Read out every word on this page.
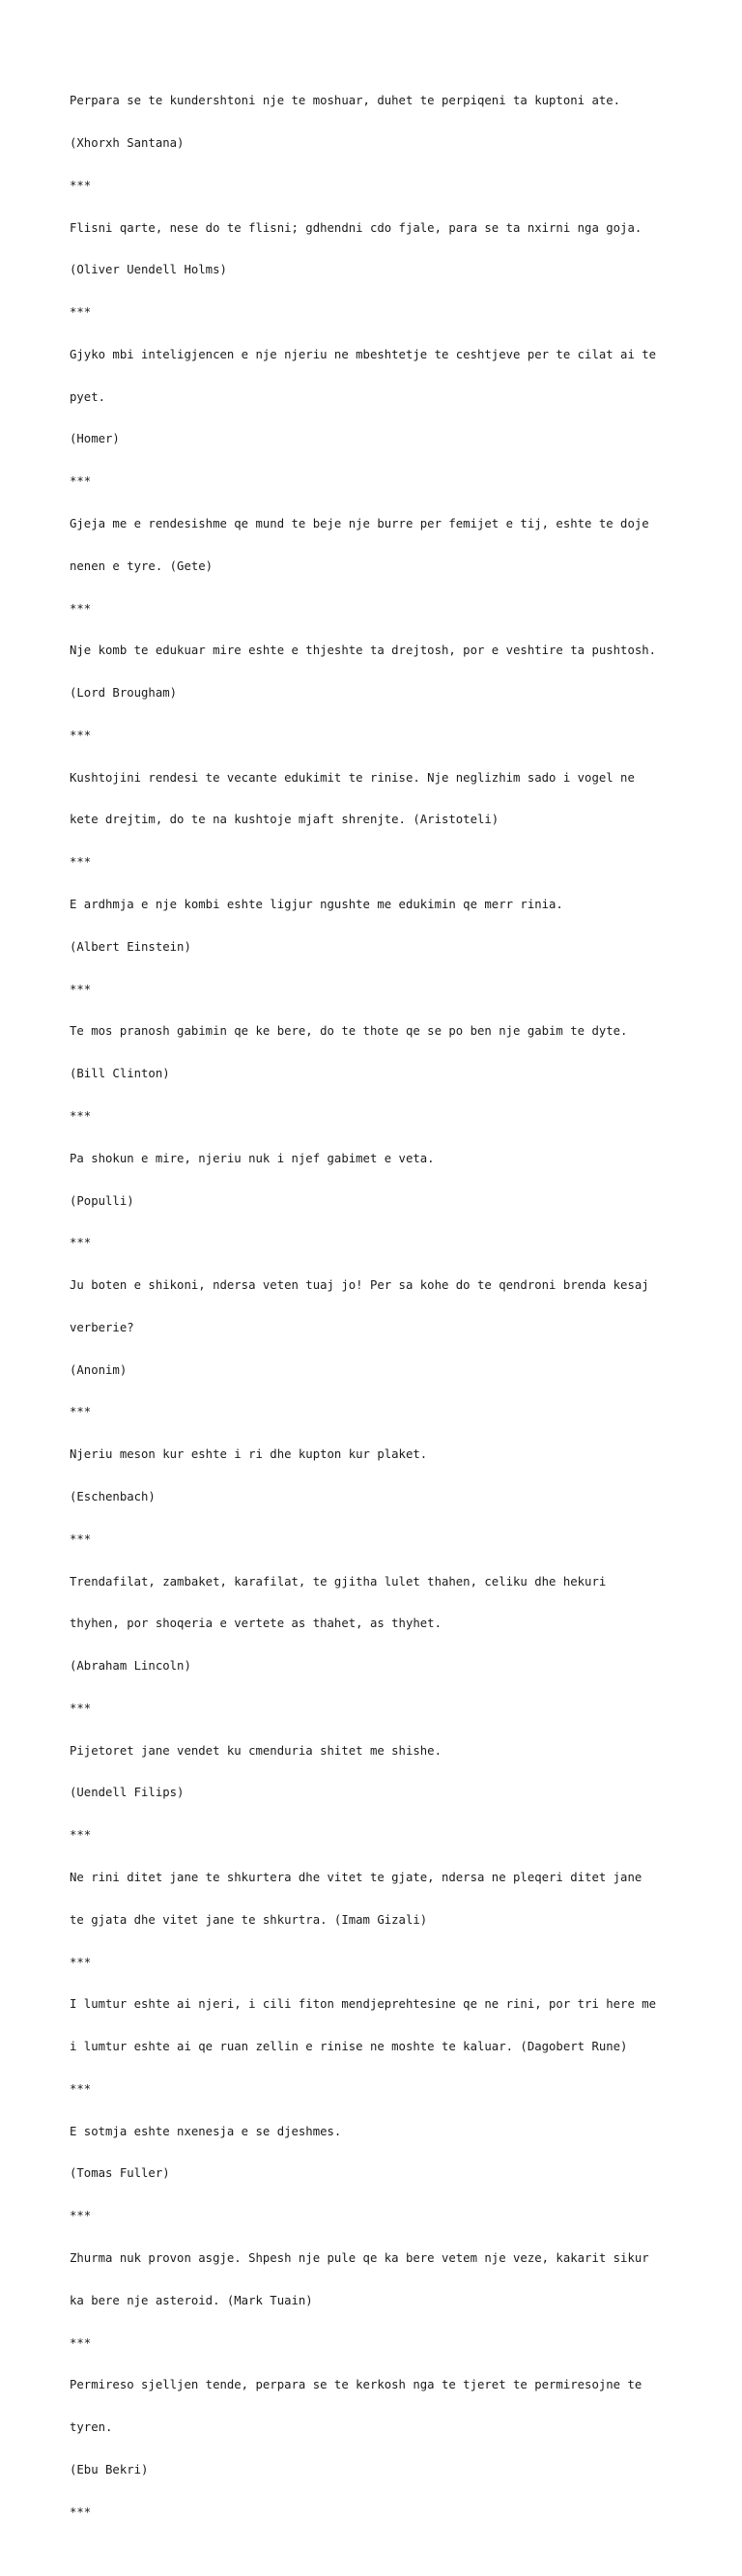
Perpara se te kundershtoni nje te moshuar, duhet te perpiqeni ta kuptoni ate.

(Xhorxh Santana)

***

Flisni qarte, nese do te flisni; gdhendni cdo fjale, para se ta nxirni nga goja.

(Oliver Uendell Holms)

***

Gjyko mbi inteligjencen e nje njeriu ne mbeshtetje te ceshtjeve per te cilat ai te

pyet.

(Homer)

***

Gjeja me e rendesishme qe mund te beje nje burre per femijet e tij, eshte te doje

nenen e tyre. (Gete)

***

Nje komb te edukuar mire eshte e thjeshte ta drejtosh, por e veshtire ta pushtosh.

(Lord Brougham)

***

Kushtojini rendesi te vecante edukimit te rinise. Nje neglizhim sado i vogel ne

kete drejtim, do te na kushtoje mjaft shrenjte. (Aristoteli)

***

E ardhmja e nje kombi eshte ligjur ngushte me edukimin qe merr rinia.

(Albert Einstein)

***

Te mos pranosh gabimin qe ke bere, do te thote qe se po ben nje gabim te dyte.

(Bill Clinton)

***

Pa shokun e mire, njeriu nuk i njef gabimet e veta.

(Populli)

***

Ju boten e shikoni, ndersa veten tuaj jo! Per sa kohe do te qendroni brenda kesaj

verberie?

(Anonim)

***

Njeriu meson kur eshte i ri dhe kupton kur plaket.

(Eschenbach)

***

Trendafilat, zambaket, karafilat, te gjitha lulet thahen, celiku dhe hekuri

thyhen, por shoqeria e vertete as thahet, as thyhet.

(Abraham Lincoln)

***

Pijetoret jane vendet ku cmenduria shitet me shishe.

(Uendell Filips)

***

Ne rini ditet jane te shkurtera dhe vitet te gjate, ndersa ne pleqeri ditet jane

te gjata dhe vitet jane te shkurtra. (Imam Gizali)

***

I lumtur eshte ai njeri, i cili fiton mendjeprehtesine qe ne rini, por tri here me

i lumtur eshte ai qe ruan zellin e rinise ne moshte te kaluar. (Dagobert Rune)

***

E sotmja eshte nxenesja e se djeshmes.

(Tomas Fuller)

***

Zhurma nuk provon asgje. Shpesh nje pule qe ka bere vetem nje veze, kakarit sikur

ka bere nje asteroid. (Mark Tuain)

***

Permireso sjelljen tende, perpara se te kerkosh nga te tjeret te permiresojne te

tyren.

(Ebu Bekri)

***
